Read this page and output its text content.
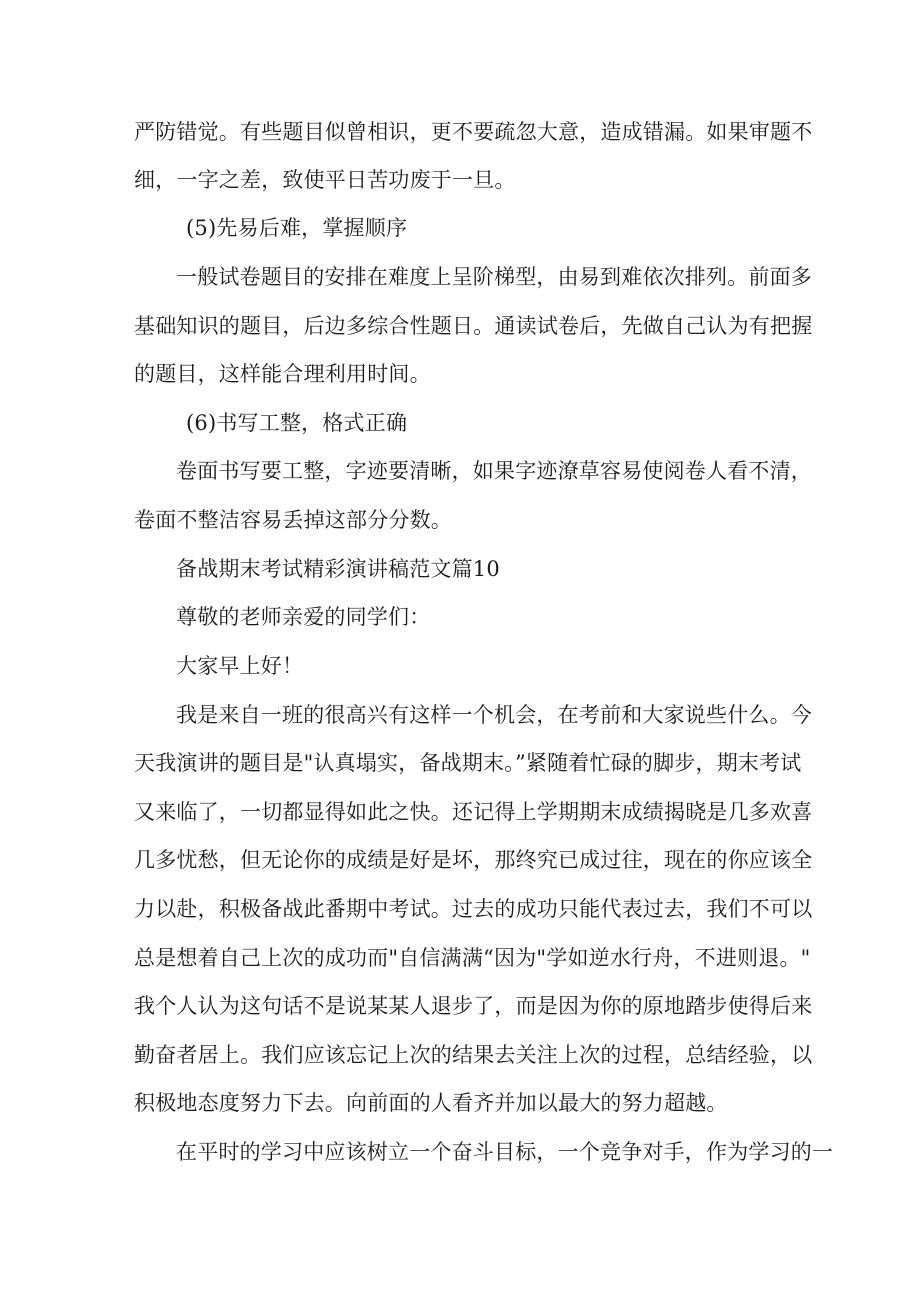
严防错觉。有些题目似曾相识，更不要疏忽大意，造成错漏。如果审题不
细，一字之差，致使平日苦功废于一旦。
(5)先易后难，掌握顺序
一般试卷题目的安排在难度上呈阶梯型，由易到难依次排列。前面多
基础知识的题目，后边多综合性题日。通读试卷后，先做自己认为有把握
的题目，这样能合理利用时间。
(6)书写工整，格式正确
卷面书写要工整，字迹要清晰，如果字迹潦草容易使阅卷人看不清，
卷面不整洁容易丢掉这部分分数。
备战期末考试精彩演讲稿范文篇10
尊敬的老师亲爱的同学们：
大家早上好！
我是来自一班的很高兴有这样一个机会，在考前和大家说些什么。今
天我演讲的题目是"认真塌实，备战期末。”紧随着忙碌的脚步，期末考试
又来临了，一切都显得如此之快。还记得上学期期末成绩揭晓是几多欢喜
几多忧愁，但无论你的成绩是好是坏，那终究已成过往，现在的你应该全
力以赴，积极备战此番期中考试。过去的成功只能代表过去，我们不可以
总是想着自己上次的成功而"自信满满“因为"学如逆水行舟，不进则退。"
我个人认为这句话不是说某某人退步了，而是因为你的原地踏步使得后来
勤奋者居上。我们应该忘记上次的结果去关注上次的过程，总结经验，以
积极地态度努力下去。向前面的人看齐并加以最大的努力超越。
在平时的学习中应该树立一个奋斗目标，一个竞争对手，作为学习的一
